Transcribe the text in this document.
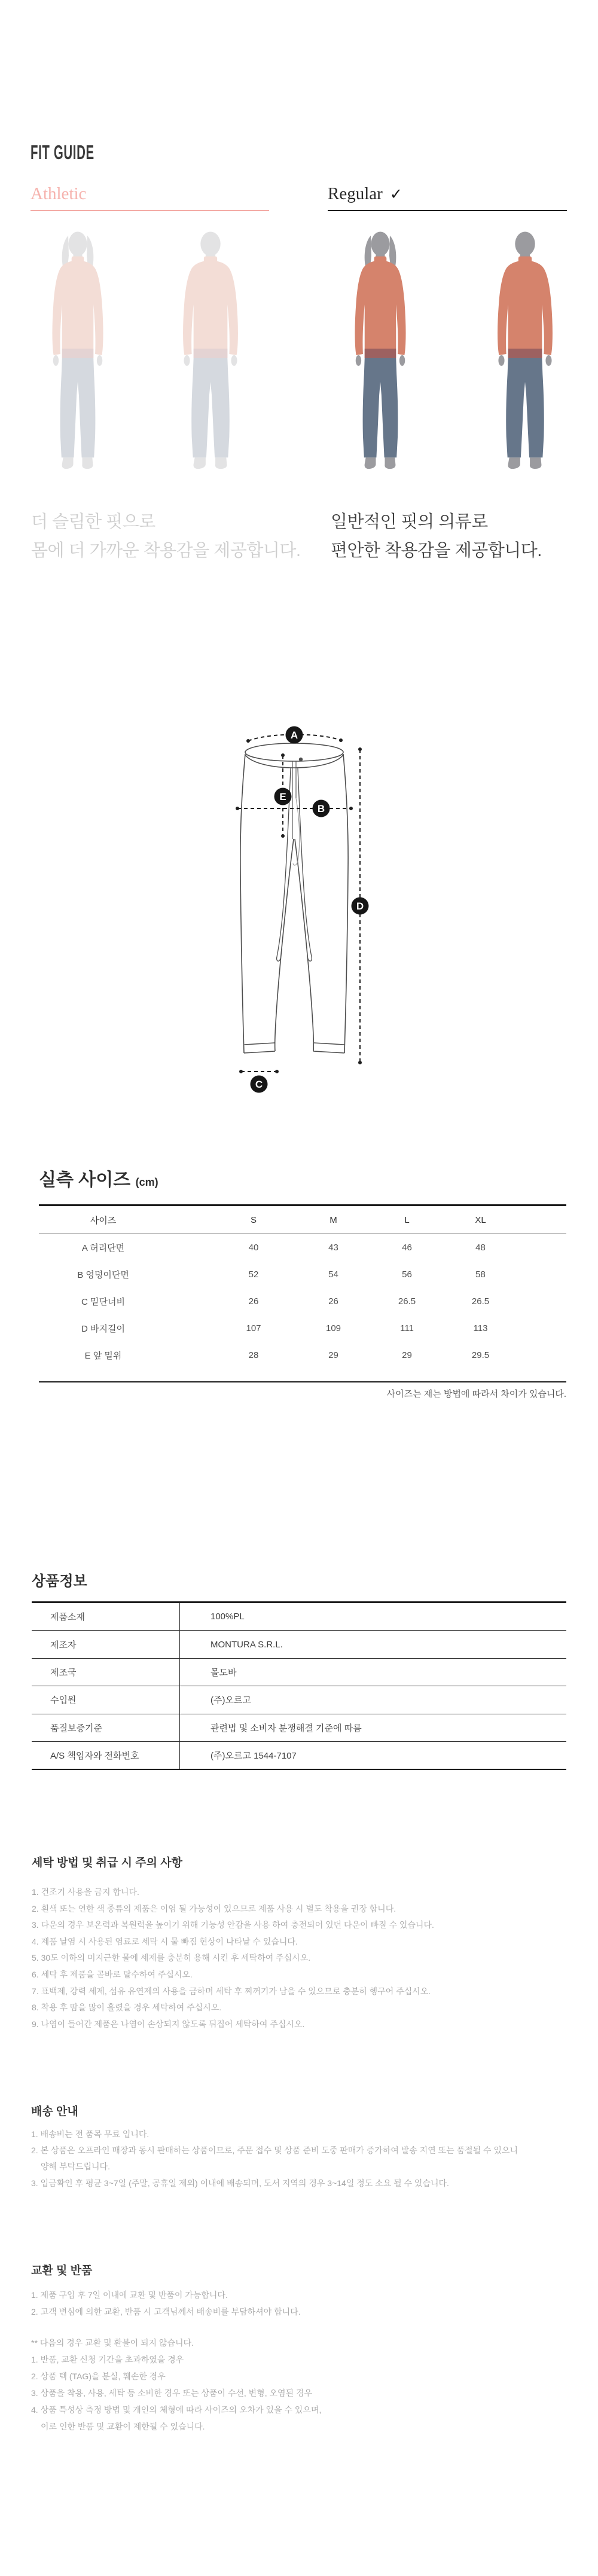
FIT GUIDE
Athletic	Regular ✓
더 슬림한 핏으로
몸에 더 가까운 착용감을 제공합니다.
일반적인 핏의 의류로
편안한 착용감을 제공합니다.
A
B
C
D
E
실측 사이즈 (cm)
사이즈	S	M	L	XL
A 허리단면	40	43	46	48
B 엉덩이단면	52	54	56	58
C 밑단너비	26	26	26.5	26.5
D 바지길이	107	109	111	113
E 앞 밑위	28	29	29	29.5
사이즈는 재는 방법에 따라서 차이가 있습니다.
상품정보
제품소재	100%PL
제조자	MONTURA S.R.L.
제조국	몰도바
수입원	(주)오르고
품질보증기준	관련법 및 소비자 분쟁해결 기준에 따름
A/S 책임자와 전화번호	(주)오르고 1544-7107
세탁 방법 및 취급 시 주의 사항
1. 건조기 사용을 금지 합니다.
2. 흰색 또는 연한 색 종류의 제품은 이염 될 가능성이 있으므로 제품 사용 시 별도 착용을 권장 합니다.
3. 다운의 경우 보온력과 복원력을 높이기 위해 기능성 안감을 사용 하여 충전되어 있던 다운이 빠질 수 있습니다.
4. 제품 날염 시 사용된 염료로 세탁 시 물 빠짐 현상이 나타날 수 있습니다.
5. 30도 이하의 미지근한 물에 세제를 충분히 용해 시킨 후 세탁하여 주십시오.
6. 세탁 후 제품을 곧바로 탈수하여 주십시오.
7. 표백제, 강력 세제, 섬유 유연제의 사용을 금하며 세탁 후 찌꺼기가 남을 수 있으므로 충분히 헹구어 주십시오.
8. 착용 후 땀을 많이 흘렸을 경우 세탁하여 주십시오.
9. 나염이 들어간 제품은 나염이 손상되지 않도록 뒤집어 세탁하여 주십시오.
배송 안내
1. 배송비는 전 품목 무료 입니다.
2. 본 상품은 오프라인 매장과 동시 판매하는 상품이므로, 주문 접수 및 상품 준비 도중 판매가 증가하여 발송 지연 또는 품절될 수 있으니
양해 부탁드립니다.
3. 입금확인 후 평균 3~7일 (주말, 공휴일 제외) 이내에 배송되며, 도서 지역의 경우 3~14일 정도 소요 될 수 있습니다.
교환 및 반품
1. 제품 구입 후 7일 이내에 교환 및 반품이 가능합니다.
2. 고객 변심에 의한 교환, 반품 시 고객님께서 배송비를 부담하셔야 합니다.
** 다음의 경우 교환 및 환불이 되지 않습니다.
1. 반품, 교환 신청 기간을 초과하였을 경우
2. 상품 텍 (TAG)을 분실, 훼손한 경우
3. 상품을 착용, 사용, 세탁 등 소비한 경우 또는 상품이 수선, 변형, 오염된 경우
4. 상품 특성상 측정 방법 및 개인의 체형에 따라 사이즈의 오차가 있을 수 있으며,
이로 인한 반품 및 교환이 제한될 수 있습니다.
